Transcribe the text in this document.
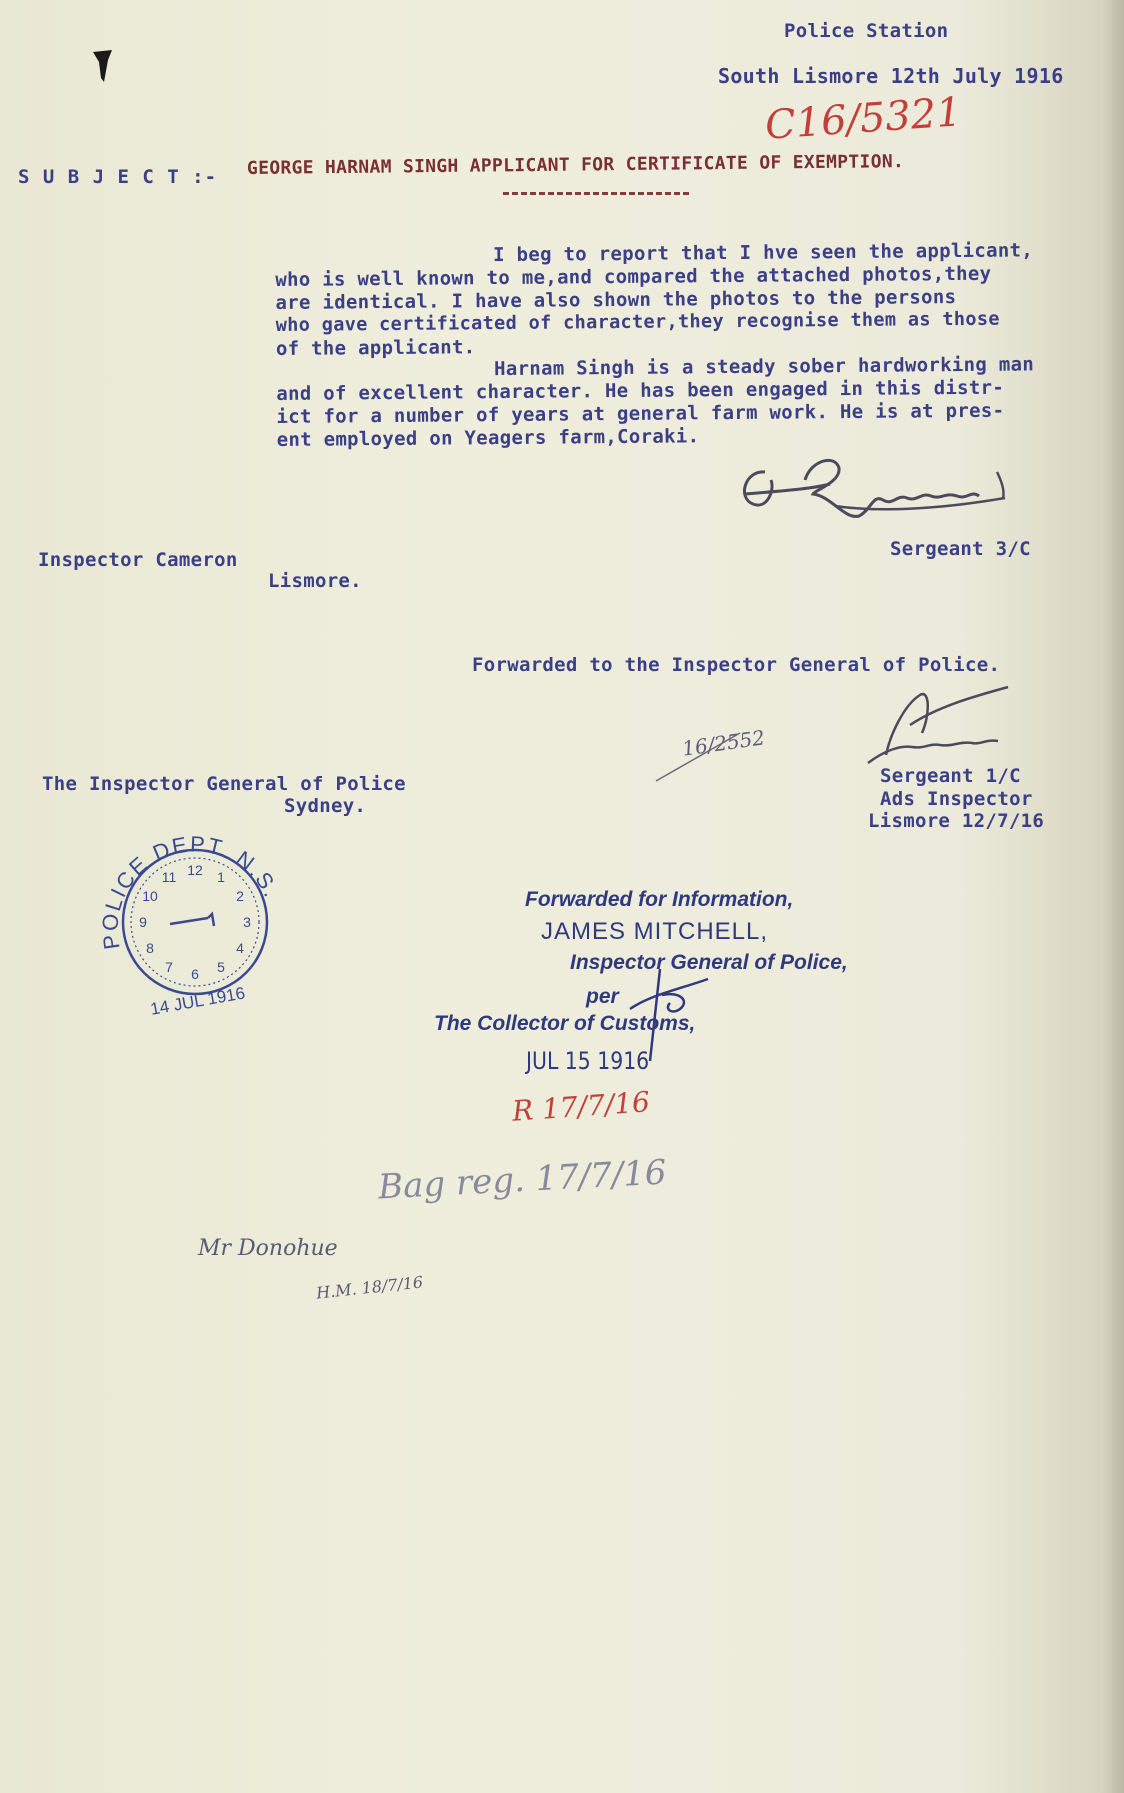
Police Station
South Lismore 12th July 1916
C16/5321
S U B J E C T :- GEORGE HARNAM SINGH APPLICANT FOR CERTIFICATE OF EXEMPTION.
I beg to report that I hve seen the applicant,
who is well known to me,and compared the attached photos,they
are identical. I have also shown the photos to the persons
who gave certificated of character,they recognise them as those
of the applicant.
Harnam Singh is a steady sober hardworking man
and of excellent character. He has been engaged in this distr-
ict for a number of years at general farm work. He is at pres-
ent employed on Yeagers farm,Coraki.
Sergeant 3/C
Inspector Cameron
Lismore.
Forwarded to the Inspector General of Police.
16/2552
Sergeant 1/C
Ads Inspector
Lismore 12/7/16
The Inspector General of Police
Sydney.
POLICE DEPT. N.S.W.
12 1
2
3
4
5
6
7
8
9
10
11
14 JUL 1916
Forwarded for Information,
JAMES MITCHELL,
Inspector General of Police,
per
The Collector of Customs,
JUL 15 1916
R 17/7/16
Bag reg. 17/7/16
Mr Donohue
H.M. 18/7/16
